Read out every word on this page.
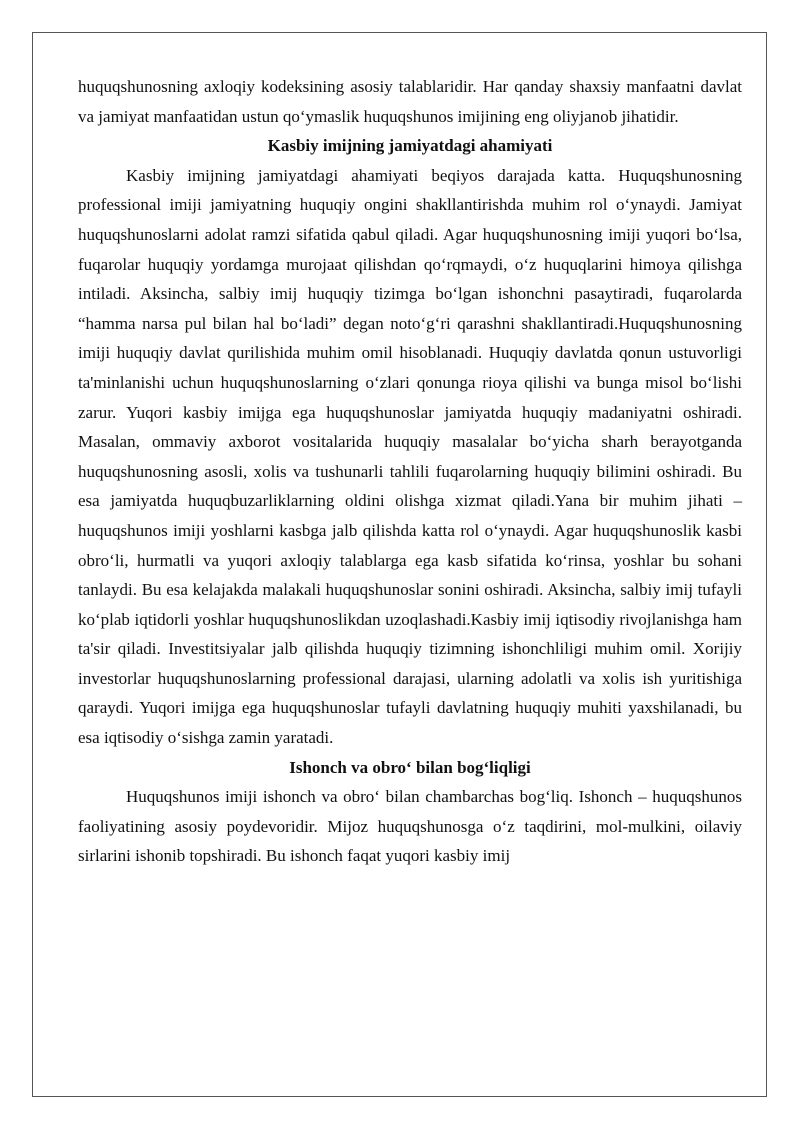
huquqshunosning axloqiy kodeksining asosiy talablaridir. Har qanday shaxsiy manfaatni davlat va jamiyat manfaatidan ustun qo‘ymaslik huquqshunos imijining eng oliyjanob jihatidir.

Kasbiy imijning jamiyatdagi ahamiyati

Kasbiy imijning jamiyatdagi ahamiyati beqiyos darajada katta. Huquqshunosning professional imiji jamiyatning huquqiy ongini shakllantirishda muhim rol o‘ynaydi. Jamiyat huquqshunoslarni adolat ramzi sifatida qabul qiladi. Agar huquqshunosning imiji yuqori bo‘lsa, fuqarolar huquqiy yordamga murojaat qilishdan qo‘rqmaydi, o‘z huquqlarini himoya qilishga intiladi. Aksincha, salbiy imij huquqiy tizimga bo‘lgan ishonchni pasaytiradi, fuqarolarda “hamma narsa pul bilan hal bo‘ladi” degan noto‘g‘ri qarashni shakllantiradi.Huquqshunosning imiji huquqiy davlat qurilishida muhim omil hisoblanadi. Huquqiy davlatda qonun ustuvorligi ta'minlanishi uchun huquqshunoslarning o‘zlari qonunga rioya qilishi va bunga misol bo‘lishi zarur. Yuqori kasbiy imijga ega huquqshunoslar jamiyatda huquqiy madaniyatni oshiradi. Masalan, ommaviy axborot vositalarida huquqiy masalalar bo‘yicha sharh berayotganda huquqshunosning asosli, xolis va tushunarli tahlili fuqarolarning huquqiy bilimini oshiradi. Bu esa jamiyatda huquqbuzarliklarning oldini olishga xizmat qiladi.Yana bir muhim jihati – huquqshunos imiji yoshlarni kasbga jalb qilishda katta rol o‘ynaydi. Agar huquqshunoslik kasbi obro‘li, hurmatli va yuqori axloqiy talablarga ega kasb sifatida ko‘rinsa, yoshlar bu sohani tanlaydi. Bu esa kelajakda malakali huquqshunoslar sonini oshiradi. Aksincha, salbiy imij tufayli ko‘plab iqtidorli yoshlar huquqshunoslikdan uzoqlashadi.Kasbiy imij iqtisodiy rivojlanishga ham ta'sir qiladi. Investitsiyalar jalb qilishda huquqiy tizimning ishonchliligi muhim omil. Xorijiy investorlar huquqshunoslarning professional darajasi, ularning adolatli va xolis ish yuritishiga qaraydi. Yuqori imijga ega huquqshunoslar tufayli davlatning huquqiy muhiti yaxshilanadi, bu esa iqtisodiy o‘sishga zamin yaratadi.

Ishonch va obro‘ bilan bog‘liqligi

Huquqshunos imiji ishonch va obro‘ bilan chambarchas bog‘liq. Ishonch – huquqshunos faoliyatining asosiy poydevoridir. Mijoz huquqshunosga o‘z taqdirini, mol-mulkini, oilaviy sirlarini ishonib topshiradi. Bu ishonch faqat yuqori kasbiy imij
